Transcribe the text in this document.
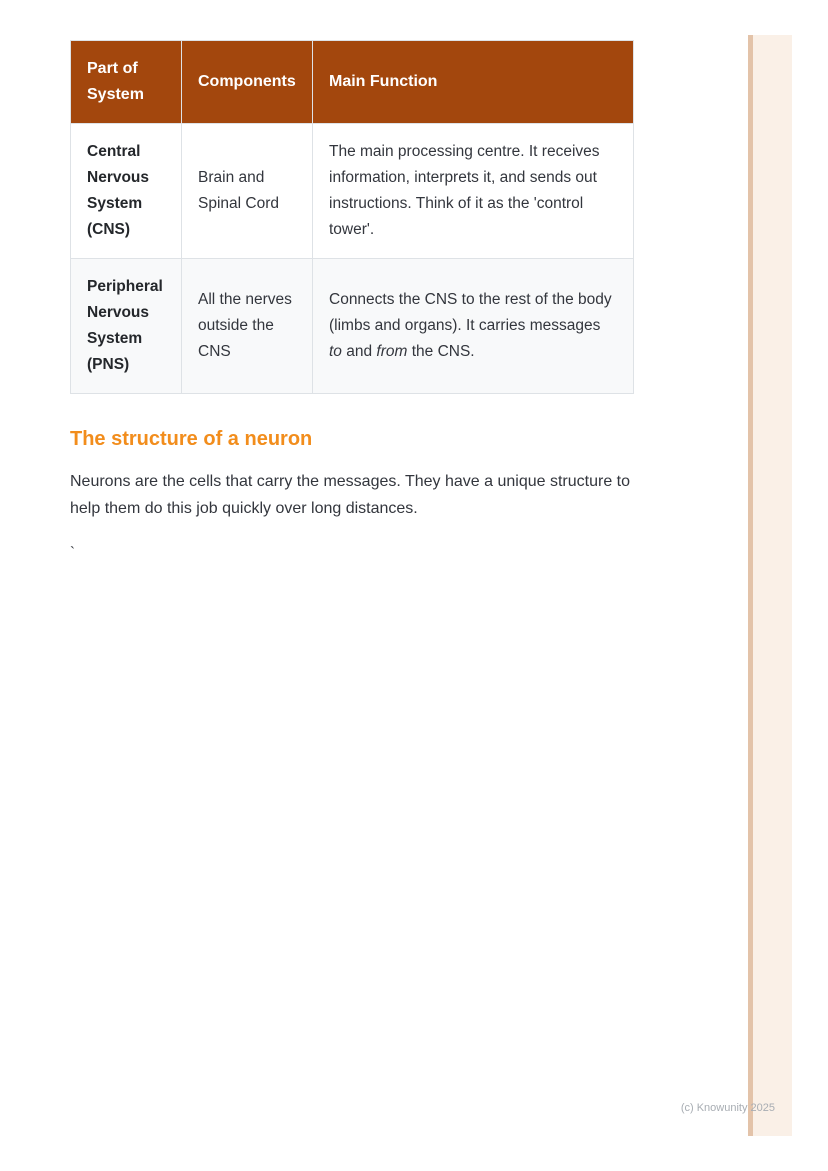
Part of System	Components	Main Function
Central Nervous System (CNS)	Brain and Spinal Cord	The main processing centre. It receives information, interprets it, and sends out instructions. Think of it as the 'control tower'.
Peripheral Nervous System (PNS)	All the nerves outside the CNS	Connects the CNS to the rest of the body (limbs and organs). It carries messages to and from the CNS.
The structure of a neuron

Neurons are the cells that carry the messages. They have a unique structure to help them do this job quickly over long distances.

`

(c) Knowunity 2025
